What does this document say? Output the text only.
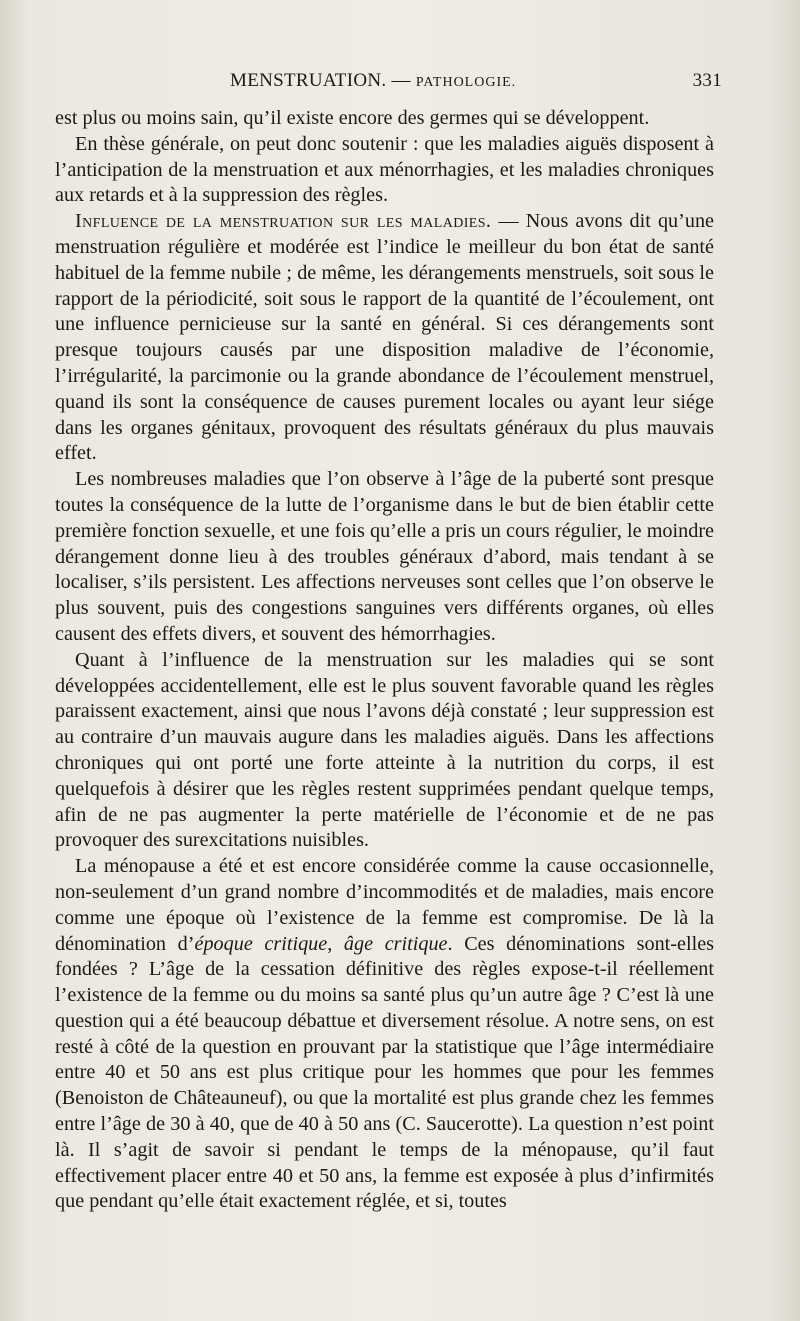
MENSTRUATION. — PATHOLOGIE.	331

est plus ou moins sain, qu’il existe encore des germes qui se développent.

En thèse générale, on peut donc soutenir : que les maladies aiguës disposent à l’anticipation de la menstruation et aux ménorrhagies, et les maladies chroniques aux retards et à la suppression des règles.

Influence de la menstruation sur les maladies. — Nous avons dit qu’une menstruation régulière et modérée est l’indice le meilleur du bon état de santé habituel de la femme nubile ; de même, les dérangements menstruels, soit sous le rapport de la périodicité, soit sous le rapport de la quantité de l’écoulement, ont une influence pernicieuse sur la santé en général. Si ces dérangements sont presque toujours causés par une disposition maladive de l’économie, l’irrégularité, la parcimonie ou la grande abondance de l’écoulement menstruel, quand ils sont la conséquence de causes purement locales ou ayant leur siége dans les organes génitaux, provoquent des résultats généraux du plus mauvais effet.

Les nombreuses maladies que l’on observe à l’âge de la puberté sont presque toutes la conséquence de la lutte de l’organisme dans le but de bien établir cette première fonction sexuelle, et une fois qu’elle a pris un cours régulier, le moindre dérangement donne lieu à des troubles généraux d’abord, mais tendant à se localiser, s’ils persistent. Les affections nerveuses sont celles que l’on observe le plus souvent, puis des congestions sanguines vers différents organes, où elles causent des effets divers, et souvent des hémorrhagies.

Quant à l’influence de la menstruation sur les maladies qui se sont développées accidentellement, elle est le plus souvent favorable quand les règles paraissent exactement, ainsi que nous l’avons déjà constaté ; leur suppression est au contraire d’un mauvais augure dans les maladies aiguës. Dans les affections chroniques qui ont porté une forte atteinte à la nutrition du corps, il est quelquefois à désirer que les règles restent supprimées pendant quelque temps, afin de ne pas augmenter la perte matérielle de l’économie et de ne pas provoquer des surexcitations nuisibles.

La ménopause a été et est encore considérée comme la cause occasionnelle, non-seulement d’un grand nombre d’incommodités et de maladies, mais encore comme une époque où l’existence de la femme est compromise. De là la dénomination d’époque critique, âge critique. Ces dénominations sont-elles fondées ? L’âge de la cessation définitive des règles expose-t-il réellement l’existence de la femme ou du moins sa santé plus qu’un autre âge ? C’est là une question qui a été beaucoup débattue et diversement résolue. A notre sens, on est resté à côté de la question en prouvant par la statistique que l’âge intermédiaire entre 40 et 50 ans est plus critique pour les hommes que pour les femmes (Benoiston de Châteauneuf), ou que la mortalité est plus grande chez les femmes entre l’âge de 30 à 40, que de 40 à 50 ans (C. Saucerotte). La question n’est point là. Il s’agit de savoir si pendant le temps de la ménopause, qu’il faut effectivement placer entre 40 et 50 ans, la femme est exposée à plus d’infirmités que pendant qu’elle était exactement réglée, et si, toutes
